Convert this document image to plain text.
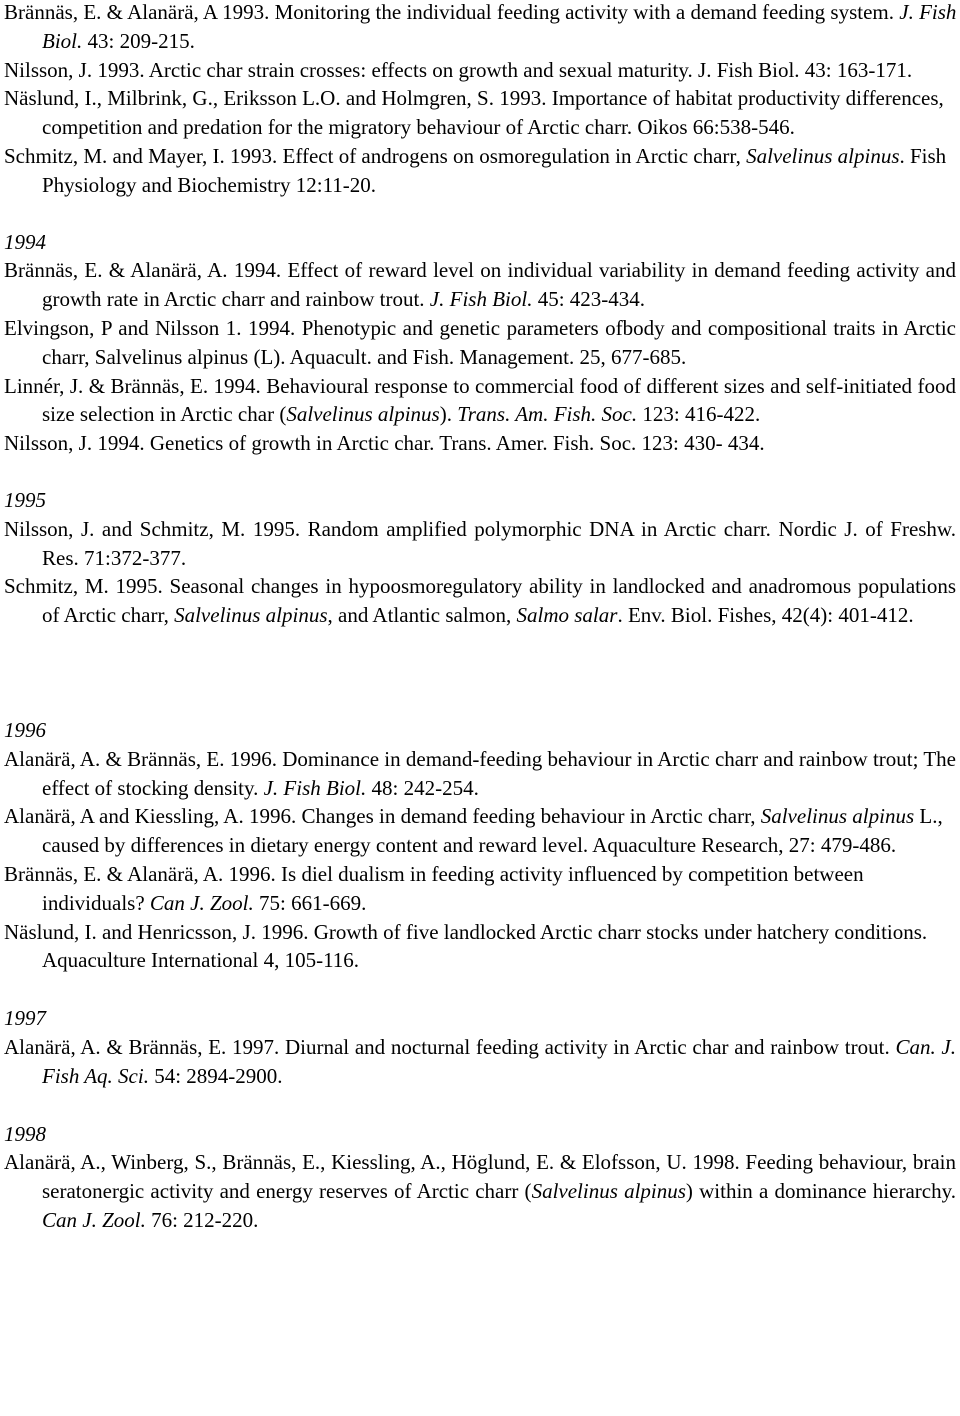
Brännäs, E. & Alanärä, A 1993. Monitoring the individual feeding activity with a demand feeding system. J. Fish Biol. 43: 209-215.

Nilsson, J. 1993. Arctic char strain crosses: effects on growth and sexual maturity. J. Fish Biol. 43: 163-171.

Näslund, I., Milbrink, G., Eriksson L.O. and Holmgren, S. 1993. Importance of habitat productivity differences, competition and predation for the migratory behaviour of Arctic charr. Oikos 66:538-546.

Schmitz, M. and Mayer, I. 1993. Effect of androgens on osmoregulation in Arctic charr, Salvelinus alpinus. Fish Physiology and Biochemistry 12:11-20.

1994

Brännäs, E. & Alanärä, A. 1994. Effect of reward level on individual variability in demand feeding activity and growth rate in Arctic charr and rainbow trout. J. Fish Biol. 45: 423-434.

Elvingson, P and Nilsson 1. 1994. Phenotypic and genetic parameters ofbody and compositional traits in Arctic charr, Salvelinus alpinus (L). Aquacult. and Fish. Management. 25, 677-685.

Linnér, J. & Brännäs, E. 1994. Behavioural response to commercial food of different sizes and self-initiated food size selection in Arctic char (Salvelinus alpinus). Trans. Am. Fish. Soc. 123: 416-422.

Nilsson, J. 1994. Genetics of growth in Arctic char. Trans. Amer. Fish. Soc. 123: 430- 434.

1995

Nilsson, J. and Schmitz, M. 1995. Random amplified polymorphic DNA in Arctic charr. Nordic J. of Freshw. Res. 71:372-377.

Schmitz, M. 1995. Seasonal changes in hypoosmoregulatory ability in landlocked and anadromous populations of Arctic charr, Salvelinus alpinus, and Atlantic salmon, Salmo salar. Env. Biol. Fishes, 42(4): 401-412.

1996

Alanärä, A. & Brännäs, E. 1996. Dominance in demand-feeding behaviour in Arctic charr and rainbow trout; The effect of stocking density. J. Fish Biol. 48: 242-254.

Alanärä, A and Kiessling, A. 1996. Changes in demand feeding behaviour in Arctic charr, Salvelinus alpinus L., caused by differences in dietary energy content and reward level. Aquaculture Research, 27: 479-486.

Brännäs, E. & Alanärä, A. 1996. Is diel dualism in feeding activity influenced by competition between individuals? Can J. Zool. 75: 661-669.

Näslund, I. and Henricsson, J. 1996. Growth of five landlocked Arctic charr stocks under hatchery conditions. Aquaculture International 4, 105-116.

1997

Alanärä, A. & Brännäs, E. 1997. Diurnal and nocturnal feeding activity in Arctic char and rainbow trout. Can. J. Fish Aq. Sci. 54: 2894-2900.

1998

Alanärä, A., Winberg, S., Brännäs, E., Kiessling, A., Höglund, E. & Elofsson, U. 1998. Feeding behaviour, brain seratonergic activity and energy reserves of Arctic charr (Salvelinus alpinus) within a dominance hierarchy. Can J. Zool. 76: 212-220.
